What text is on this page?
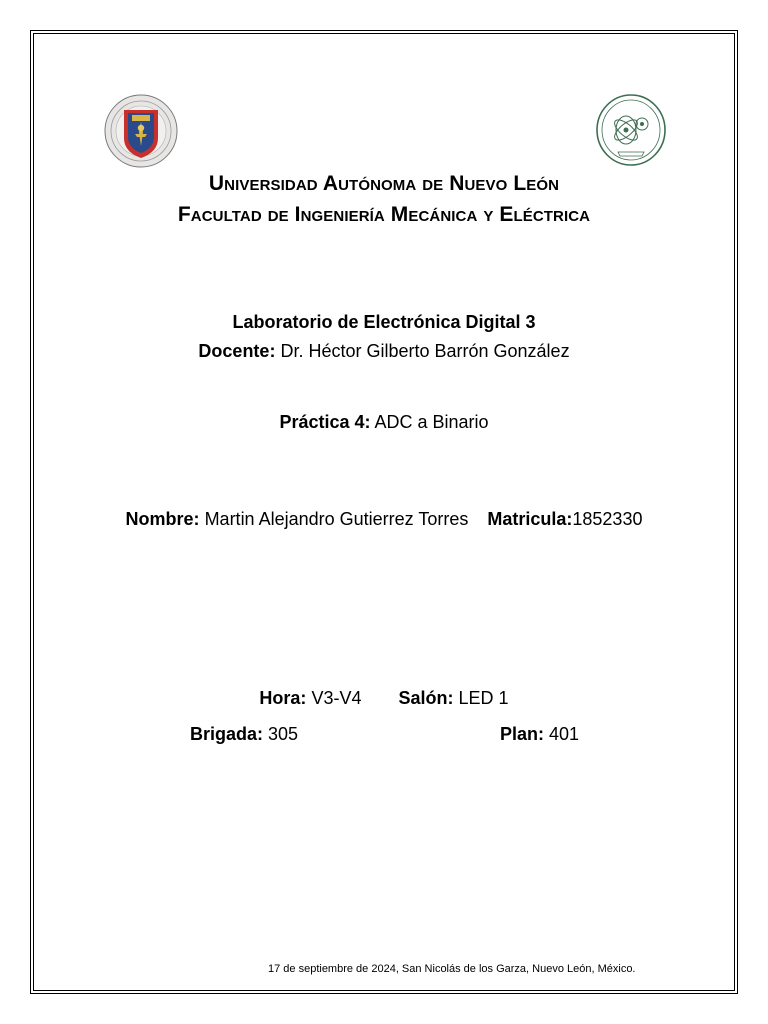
Universidad Autónoma de Nuevo León
Facultad de Ingeniería Mecánica y Eléctrica
Laboratorio de Electrónica Digital 3
Docente: Dr. Héctor Gilberto Barrón González
Práctica 4: ADC a Binario
Nombre: Martin Alejandro Gutierrez Torres Matricula:1852330
Hora: V3-V4 Salón: LED 1
Brigada: 305	Plan: 401
17 de septiembre de 2024, San Nicolás de los Garza, Nuevo León, México.
